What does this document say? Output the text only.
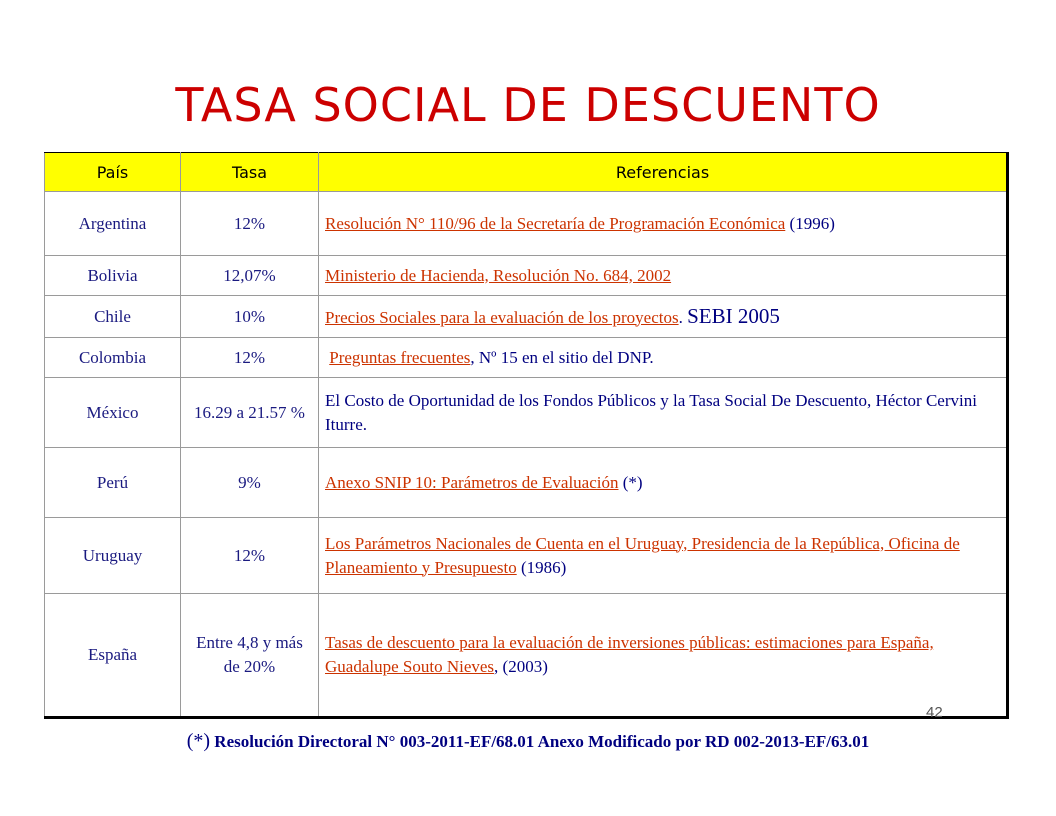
TASA SOCIAL DE DESCUENTO
País	Tasa	Referencias
Argentina	12%	Resolución N° 110/96 de la Secretaría de Programación Económica (1996)
Bolivia	12,07%	Ministerio de Hacienda, Resolución No. 684, 2002
Chile	10%	Precios Sociales para la evaluación de los proyectos. SEBI 2005
Colombia	12%	Preguntas frecuentes, Nº 15 en el sitio del DNP.
México	16.29 a 21.57 %	El Costo de Oportunidad de los Fondos Públicos y la Tasa Social De Descuento, Héctor Cervini Iturre.
Perú	9%	Anexo SNIP 10: Parámetros de Evaluación (*)
Uruguay	12%	Los Parámetros Nacionales de Cuenta en el Uruguay, Presidencia de la República, Oficina de Planeamiento y Presupuesto (1986)
España	Entre 4,8 y más de 20%	Tasas de descuento para la evaluación de inversiones públicas: estimaciones para España, Guadalupe Souto Nieves, (2003)
42
(*) Resolución Directoral N° 003-2011-EF/68.01 Anexo Modificado por RD 002-2013-EF/63.01
